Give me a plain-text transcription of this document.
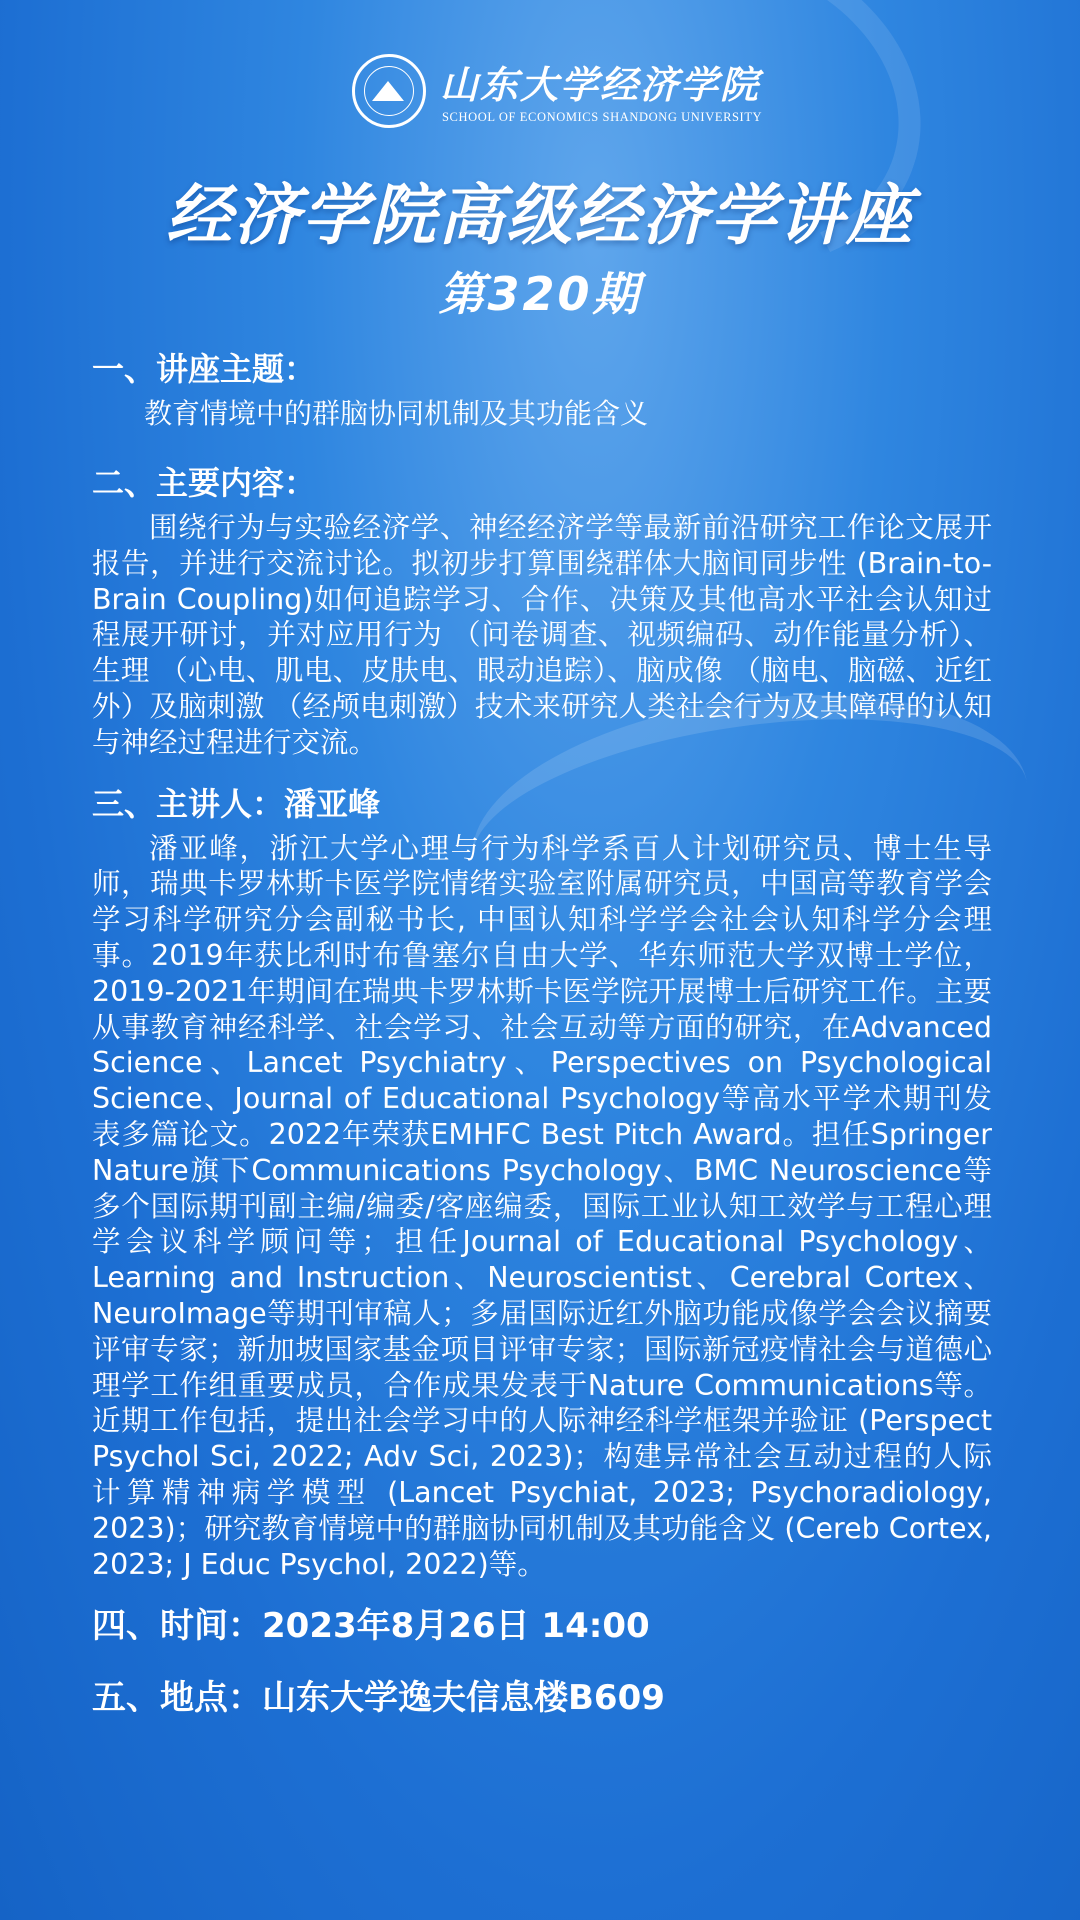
山东大学经济学院
SCHOOL OF ECONOMICS SHANDONG UNIVERSITY
经济学院高级经济学讲座
第320期
一、讲座主题：
教育情境中的群脑协同机制及其功能含义
二、主要内容：
围绕行为与实验经济学、神经经济学等最新前沿研究工作论文展开报告，并进行交流讨论。拟初步打算围绕群体大脑间同步性 (Brain-to-Brain Coupling)如何追踪学习、合作、决策及其他高水平社会认知过程展开研讨，并对应用行为 （问卷调查、视频编码、动作能量分析）、生理 （心电、肌电、皮肤电、眼动追踪）、脑成像 （脑电、脑磁、近红外）及脑刺激 （经颅电刺激）技术来研究人类社会行为及其障碍的认知与神经过程进行交流。
三、主讲人：潘亚峰
潘亚峰，浙江大学心理与行为科学系百人计划研究员、博士生导师，瑞典卡罗林斯卡医学院情绪实验室附属研究员，中国高等教育学会学习科学研究分会副秘书长, 中国认知科学学会社会认知科学分会理事。2019年获比利时布鲁塞尔自由大学、华东师范大学双博士学位，2019-2021年期间在瑞典卡罗林斯卡医学院开展博士后研究工作。主要从事教育神经科学、社会学习、社会互动等方面的研究，在Advanced Science、Lancet Psychiatry、Perspectives on Psychological Science、Journal of Educational Psychology等高水平学术期刊发表多篇论文。2022年荣获EMHFC Best Pitch Award。担任Springer Nature旗下Communications Psychology、BMC Neuroscience等多个国际期刊副主编/编委/客座编委，国际工业认知工效学与工程心理学会议科学顾问等；担任Journal of Educational Psychology、Learning and Instruction、Neuroscientist、Cerebral Cortex、NeuroImage等期刊审稿人；多届国际近红外脑功能成像学会会议摘要评审专家；新加坡国家基金项目评审专家；国际新冠疫情社会与道德心理学工作组重要成员，合作成果发表于Nature Communications等。近期工作包括，提出社会学习中的人际神经科学框架并验证 (Perspect Psychol Sci, 2022; Adv Sci, 2023)；构建异常社会互动过程的人际计算精神病学模型 (Lancet Psychiat, 2023; Psychoradiology, 2023)；研究教育情境中的群脑协同机制及其功能含义 (Cereb Cortex, 2023; J Educ Psychol, 2022)等。
四、时间：2023年8月26日 14:00
五、地点：山东大学逸夫信息楼B609
